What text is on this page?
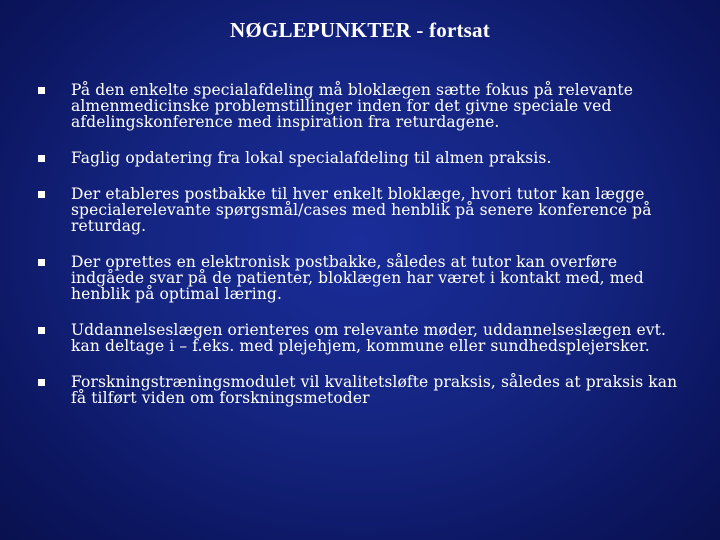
NØGLEPUNKTER - fortsat
På den enkelte specialafdeling må bloklægen sætte fokus på relevante almenmedicinske problemstillinger inden for det givne speciale ved afdelingskonference med inspiration fra returdagene.
Faglig opdatering fra lokal specialafdeling til almen praksis.
Der etableres postbakke til hver enkelt bloklæge, hvori tutor kan lægge specialerelevante spørgsmål/cases med henblik på senere konference på returdag.
Der oprettes en elektronisk postbakke, således at tutor kan overføre indgåede svar på de patienter, bloklægen har været i kontakt med, med henblik på optimal læring.
Uddannelseslægen orienteres om relevante møder, uddannelseslægen evt. kan deltage i – f.eks. med plejehjem, kommune eller sundhedsplejersker.
Forskningstræningsmodulet vil kvalitetsløfte praksis, således at praksis kan få tilført viden om forskningsmetoder
